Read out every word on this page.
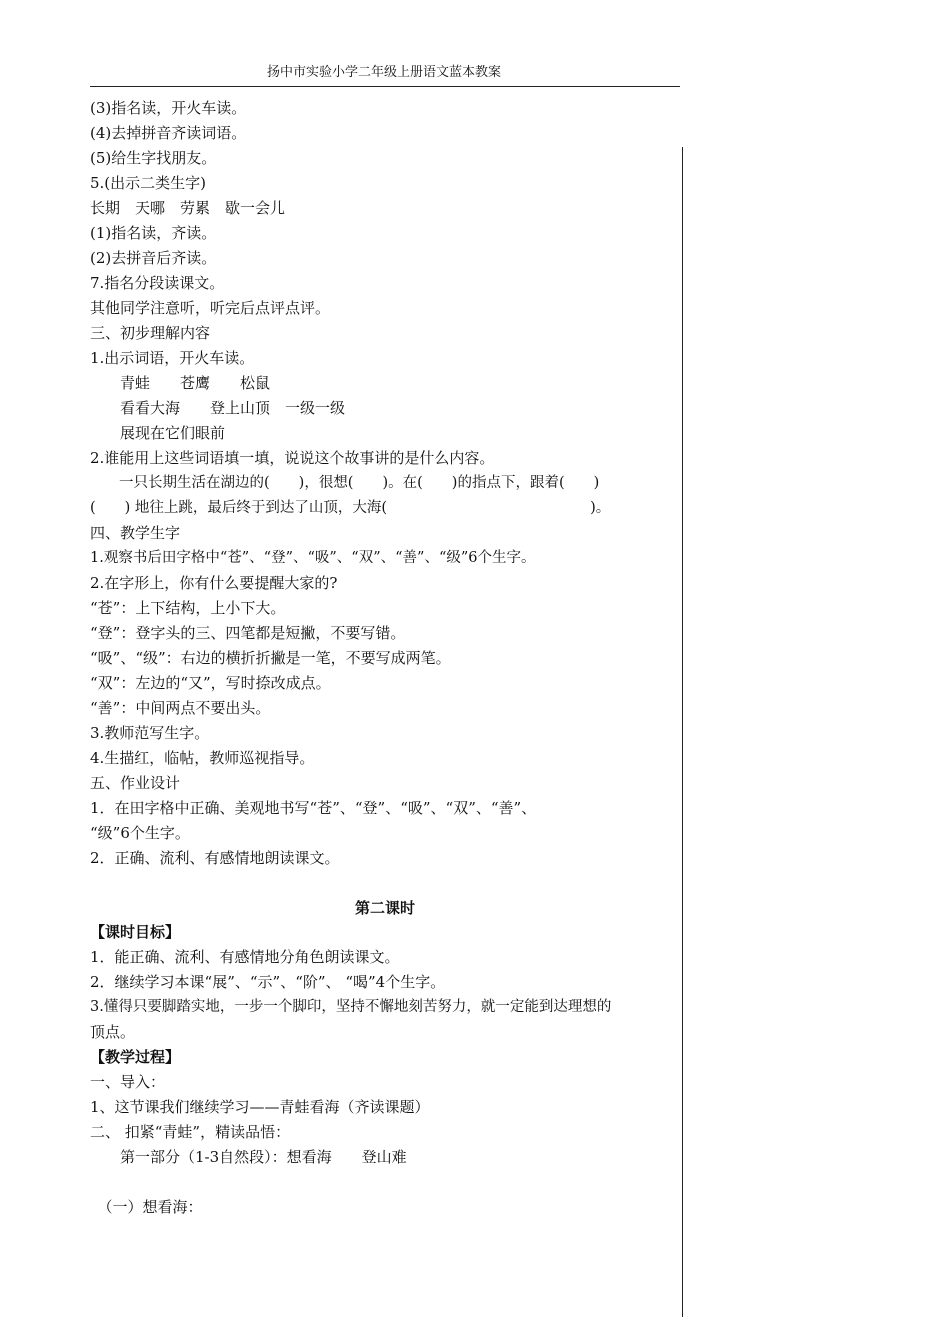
扬中市实验小学二年级上册语文蓝本教案
(3)指名读，开火车读。
(4)去掉拼音齐读词语。
(5)给生字找朋友。
5.(出示二类生字)
长期　天哪　劳累　歇一会儿
(1)指名读，齐读。
(2)去拼音后齐读。
7.指名分段读课文。
其他同学注意听，听完后点评点评。
三、初步理解内容
1.出示词语，开火车读。
　　青蛙　　苍鹰　　松鼠
　　看看大海　　登上山顶　一级一级
　　展现在它们眼前
2.谁能用上这些词语填一填，说说这个故事讲的是什么内容。
　　一只长期生活在湖边的(　　)，很想(　　)。在(　　)的指点下，跟着(　　)
(　　) 地往上跳，最后终于到达了山顶，大海(　　　　　　　　　　　　　　)。
四、教学生字
1.观察书后田字格中“苍”、“登”、“吸”、“双”、“善”、“级”6个生字。
2.在字形上，你有什么要提醒大家的?
“苍”：上下结构，上小下大。
“登”：登字头的三、四笔都是短撇，不要写错。
“吸”、“级”：右边的横折折撇是一笔，不要写成两笔。
“双”：左边的“又”，写时捺改成点。
“善”：中间两点不要出头。
3.教师范写生字。
4.生描红，临帖，教师巡视指导。
五、作业设计
1．在田字格中正确、美观地书写“苍”、“登”、“吸”、“双”、“善”、
“级”6个生字。
2．正确、流利、有感情地朗读课文。
第二课时
【课时目标】
1．能正确、流利、有感情地分角色朗读课文。
2．继续学习本课“展”、“示”、“阶”、 “喝”4个生字。
3.懂得只要脚踏实地，一步一个脚印，坚持不懈地刻苦努力，就一定能到达理想的
顶点。
【教学过程】
一、导入：
1、这节课我们继续学习——青蛙看海（齐读课题）
二、 扣紧“青蛙”，精读品悟：
　　第一部分（1-3自然段）：想看海　　登山难
　（一）想看海：
